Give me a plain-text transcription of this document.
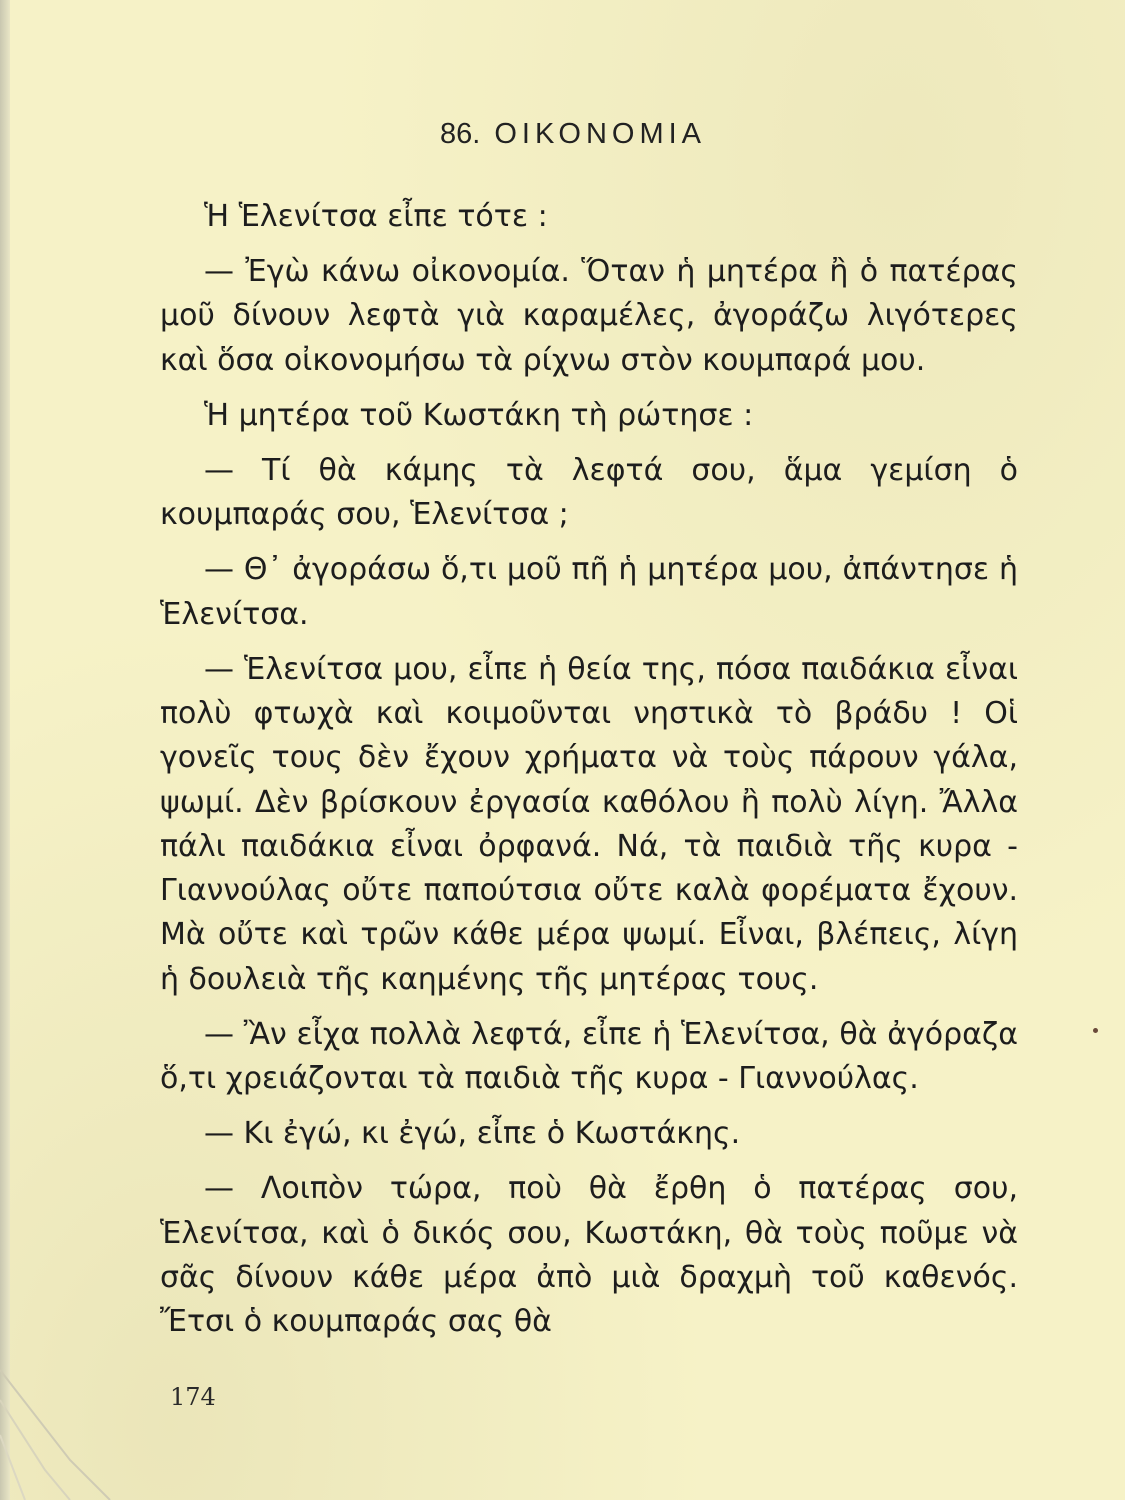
86. ΟΙΚΟΝΟΜΙΑ

Ἡ Ἑλενίτσα εἶπε τότε :

— Ἐγὼ κάνω οἰκονομία. Ὅταν ἡ μητέρα ἢ ὁ πατέρας μοῦ δίνουν λεφτὰ γιὰ καραμέλες, ἀγοράζω λιγότερες καὶ ὅσα οἰκονομήσω τὰ ρίχνω στὸν κουμπαρά μου.

Ἡ μητέρα τοῦ Κωστάκη τὴ ρώτησε :

— Τί θὰ κάμης τὰ λεφτά σου, ἅμα γεμίση ὁ κουμπαράς σου, Ἑλενίτσα ;

— Θ᾽ ἀγοράσω ὅ,τι μοῦ πῆ ἡ μητέρα μου, ἀπάντησε ἡ Ἑλενίτσα.

— Ἑλενίτσα μου, εἶπε ἡ θεία της, πόσα παιδάκια εἶναι πολὺ φτωχὰ καὶ κοιμοῦνται νηστικὰ τὸ βράδυ ! Οἱ γονεῖς τους δὲν ἔχουν χρήματα νὰ τοὺς πάρουν γάλα, ψωμί. Δὲν βρίσκουν ἐργασία καθόλου ἢ πολὺ λίγη. Ἄλλα πάλι παιδάκια εἶναι ὀρφανά. Νά, τὰ παιδιὰ τῆς κυρα - Γιαννούλας οὔτε παπούτσια οὔτε καλὰ φορέματα ἔχουν. Μὰ οὔτε καὶ τρῶν κάθε μέρα ψωμί. Εἶναι, βλέπεις, λίγη ἡ δουλειὰ τῆς καημένης τῆς μητέρας τους.

— Ἂν εἶχα πολλὰ λεφτά, εἶπε ἡ Ἑλενίτσα, θὰ ἀγόραζα ὅ,τι χρειάζονται τὰ παιδιὰ τῆς κυρα - Γιαννούλας.

— Κι ἐγώ, κι ἐγώ, εἶπε ὁ Κωστάκης.

— Λοιπὸν τώρα, ποὺ θὰ ἔρθη ὁ πατέρας σου, Ἑλενίτσα, καὶ ὁ δικός σου, Κωστάκη, θὰ τοὺς ποῦμε νὰ σᾶς δίνουν κάθε μέρα ἀπὸ μιὰ δραχμὴ τοῦ καθενός. Ἔτσι ὁ κουμπαράς σας θὰ

174
